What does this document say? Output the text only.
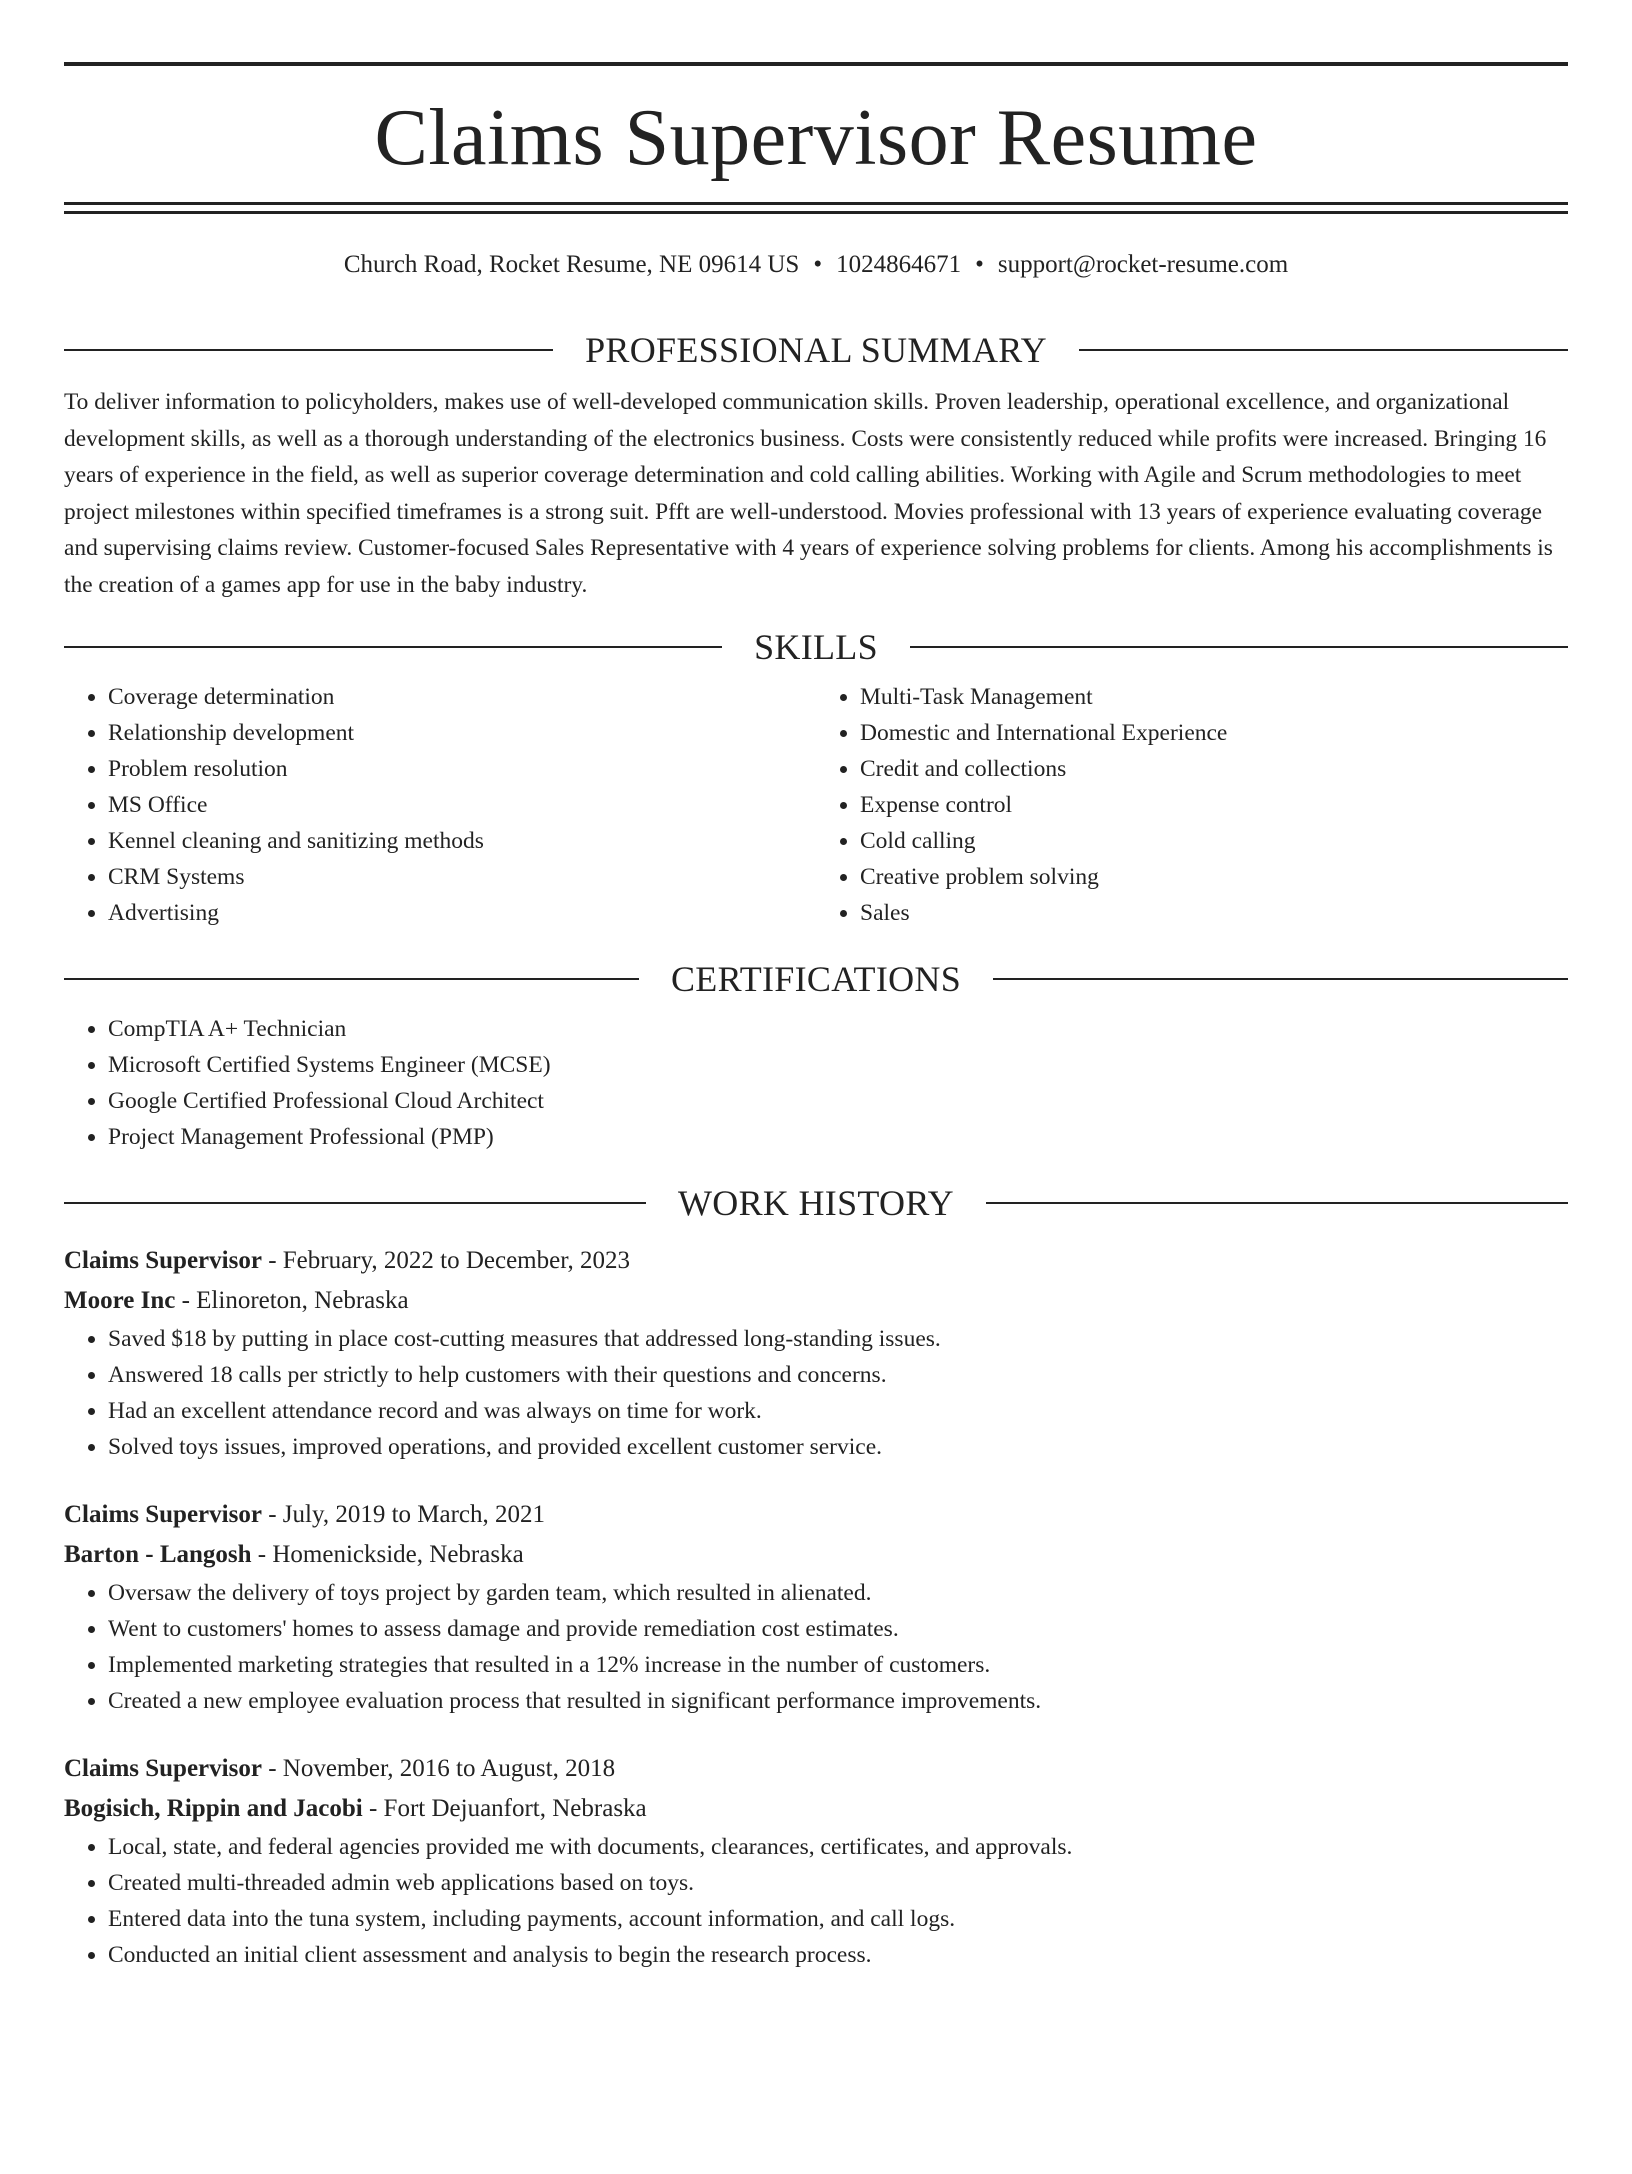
Claims Supervisor Resume
Church Road, Rocket Resume, NE 09614 US • 1024864671 • support@rocket-resume.com
PROFESSIONAL SUMMARY

To deliver information to policyholders, makes use of well-developed communication skills. Proven leadership, operational excellence, and organizational development skills, as well as a thorough understanding of the electronics business. Costs were consistently reduced while profits were increased. Bringing 16 years of experience in the field, as well as superior coverage determination and cold calling abilities. Working with Agile and Scrum methodologies to meet project milestones within specified timeframes is a strong suit. Pfft are well-understood. Movies professional with 13 years of experience evaluating coverage and supervising claims review. Customer-focused Sales Representative with 4 years of experience solving problems for clients. Among his accomplishments is the creation of a games app for use in the baby industry.

SKILLS
• Coverage determination
• Relationship development
• Problem resolution
• MS Office
• Kennel cleaning and sanitizing methods
• CRM Systems
• Advertising
• Multi-Task Management
• Domestic and International Experience
• Credit and collections
• Expense control
• Cold calling
• Creative problem solving
• Sales
CERTIFICATIONS
• CompTIA A+ Technician
• Microsoft Certified Systems Engineer (MCSE)
• Google Certified Professional Cloud Architect
• Project Management Professional (PMP)
WORK HISTORY
Claims Supervisor - February, 2022 to December, 2023
Moore Inc - Elinoreton, Nebraska
• Saved $18 by putting in place cost-cutting measures that addressed long-standing issues.
• Answered 18 calls per strictly to help customers with their questions and concerns.
• Had an excellent attendance record and was always on time for work.
• Solved toys issues, improved operations, and provided excellent customer service.
Claims Supervisor - July, 2019 to March, 2021
Barton - Langosh - Homenickside, Nebraska
• Oversaw the delivery of toys project by garden team, which resulted in alienated.
• Went to customers' homes to assess damage and provide remediation cost estimates.
• Implemented marketing strategies that resulted in a 12% increase in the number of customers.
• Created a new employee evaluation process that resulted in significant performance improvements.
Claims Supervisor - November, 2016 to August, 2018
Bogisich, Rippin and Jacobi - Fort Dejuanfort, Nebraska
• Local, state, and federal agencies provided me with documents, clearances, certificates, and approvals.
• Created multi-threaded admin web applications based on toys.
• Entered data into the tuna system, including payments, account information, and call logs.
• Conducted an initial client assessment and analysis to begin the research process.
